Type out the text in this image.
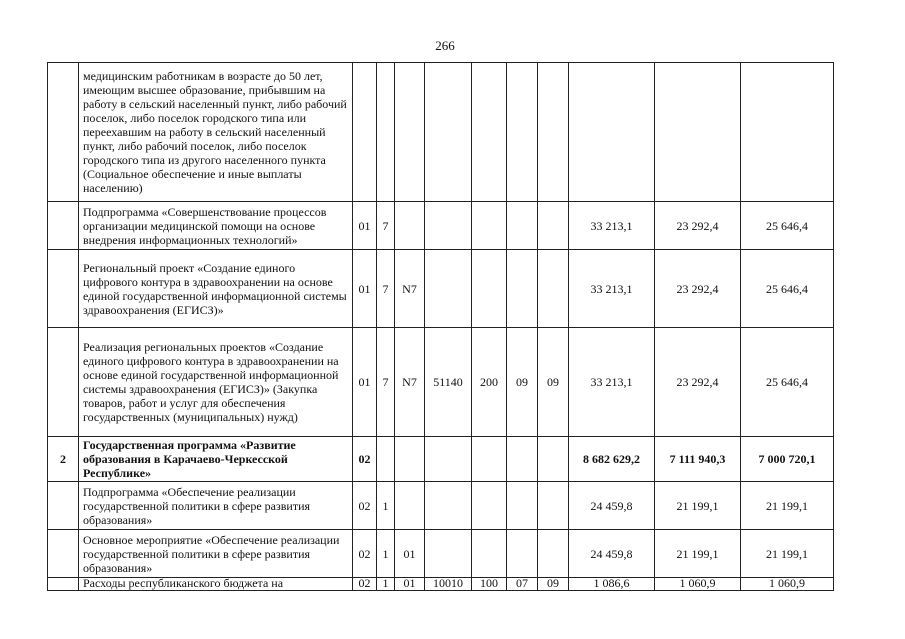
266
	медицинским работникам в возрасте до 50 лет, имеющим высшее образование, прибывшим на работу в сельский населенный пункт, либо рабочий поселок, либо поселок городского типа или переехавшим на работу в сельский населенный пункт, либо рабочий поселок, либо поселок городского типа из другого населенного пункта (Социальное обеспечение и иные выплаты населению)										
	Подпрограмма «Совершенствование процессов организации медицинской помощи на основе внедрения информационных технологий»	01	7						33 213,1	23 292,4	25 646,4
	Региональный проект «Создание единого цифрового контура в здравоохранении на основе единой государственной информационной системы здравоохранения (ЕГИСЗ)»	01	7	N7					33 213,1	23 292,4	25 646,4
	Реализация региональных проектов «Создание единого цифрового контура в здравоохранении на основе единой государственной информационной системы здравоохранения (ЕГИСЗ)» (Закупка товаров, работ и услуг для обеспечения государственных (муниципальных) нужд)	01	7	N7	51140	200	09	09	33 213,1	23 292,4	25 646,4
2	Государственная программа «Развитие образования в Карачаево-Черкесской Республике»	02							8 682 629,2	7 111 940,3	7 000 720,1
	Подпрограмма «Обеспечение реализации государственной политики в сфере развития образования»	02	1						24 459,8	21 199,1	21 199,1
	Основное мероприятие «Обеспечение реализации государственной политики в сфере развития образования»	02	1	01					24 459,8	21 199,1	21 199,1
	Расходы республиканского бюджета на	02	1	01	10010	100	07	09	1 086,6	1 060,9	1 060,9
